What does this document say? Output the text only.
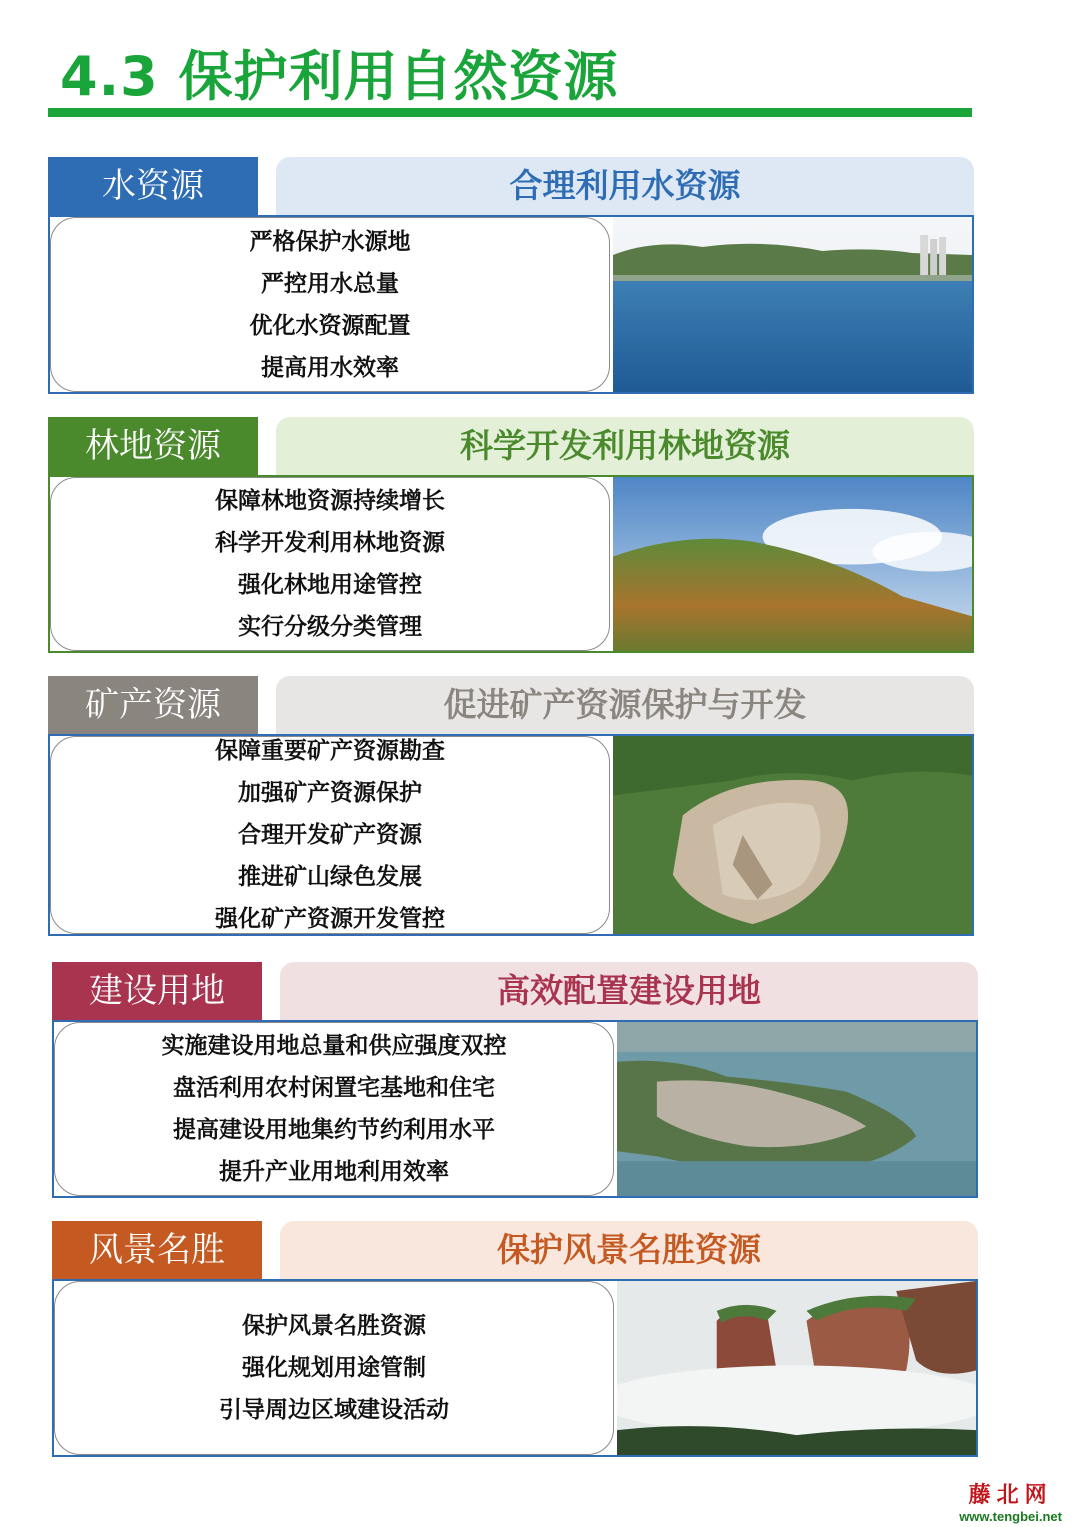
4.3 保护利用自然资源
水资源	合理利用水资源
严格保护水源地
严控用水总量
优化水资源配置
提高用水效率
林地资源	科学开发利用林地资源
保障林地资源持续增长
科学开发利用林地资源
强化林地用途管控
实行分级分类管理
矿产资源	促进矿产资源保护与开发
保障重要矿产资源勘查
加强矿产资源保护
合理开发矿产资源
推进矿山绿色发展
强化矿产资源开发管控
建设用地	高效配置建设用地
实施建设用地总量和供应强度双控
盘活利用农村闲置宅基地和住宅
提高建设用地集约节约利用水平
提升产业用地利用效率
风景名胜	保护风景名胜资源
保护风景名胜资源
强化规划用途管制
引导周边区域建设活动
藤北网
www.tengbei.net
